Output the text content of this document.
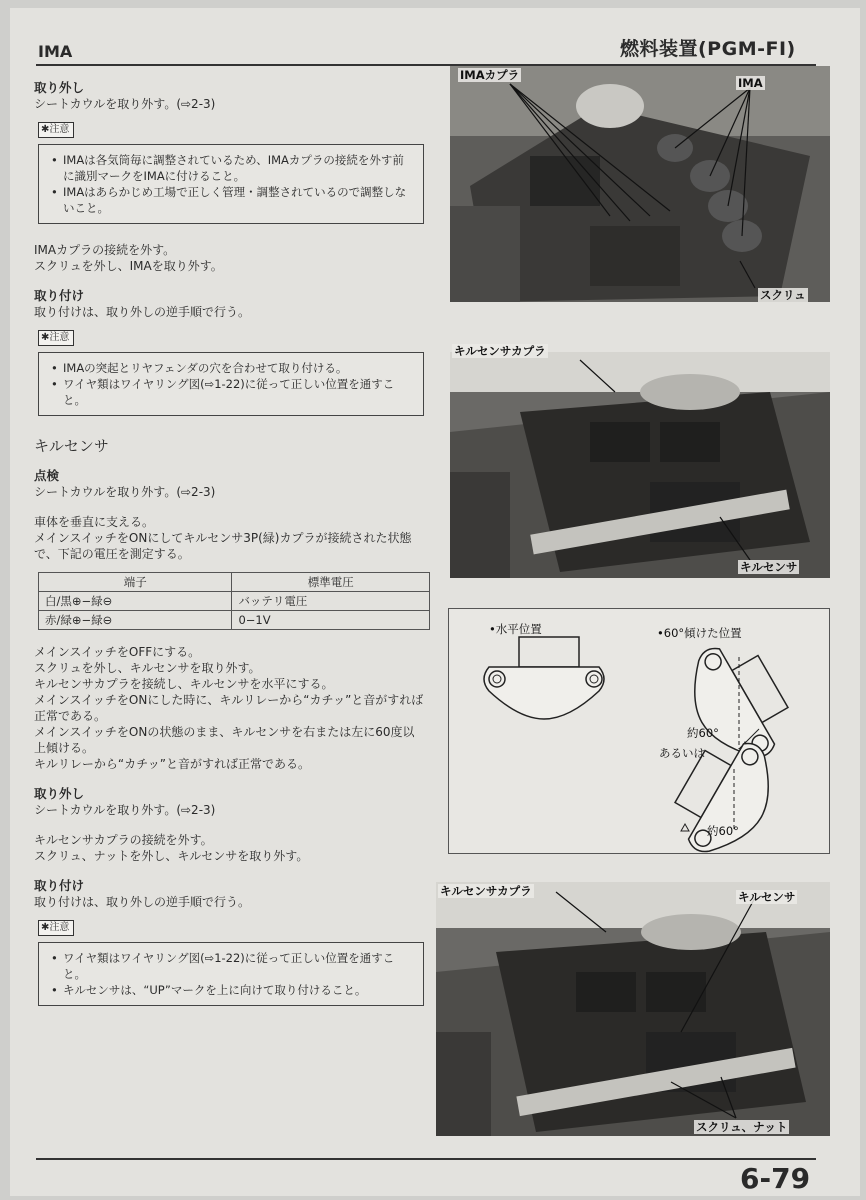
IMA	燃料装置(PGM-FI)
取り外し

シートカウルを取り外す。(⇨2-3)

✱注意
• IMAは各気筒毎に調整されているため、IMAカプラの接続を外す前に識別マークをIMAに付けること。
• IMAはあらかじめ工場で正しく管理・調整されているので調整しないこと。

IMAカプラの接続を外す。

スクリュを外し、IMAを取り外す。

取り付け

取り付けは、取り外しの逆手順で行う。

✱注意
• IMAの突起とリヤフェンダの穴を合わせて取り付ける。
• ワイヤ類はワイヤリング図(⇨1-22)に従って正しい位置を通すこと。
キルセンサ
点検

シートカウルを取り外す。(⇨2-3)

車体を垂直に支える。

メインスイッチをONにしてキルセンサ3P(緑)カプラが接続された状態で、下記の電圧を測定する。

端子	標準電圧
白/黒⊕−緑⊖	バッテリ電圧
赤/緑⊕−緑⊖	0−1V

メインスイッチをOFFにする。

スクリュを外し、キルセンサを取り外す。

キルセンサカプラを接続し、キルセンサを水平にする。

メインスイッチをONにした時に、キルリレーから“カチッ”と音がすれば正常である。

メインスイッチをONの状態のまま、キルセンサを右または左に60度以上傾ける。

キルリレーから“カチッ”と音がすれば正常である。

取り外し

シートカウルを取り外す。(⇨2-3)

キルセンサカプラの接続を外す。

スクリュ、ナットを外し、キルセンサを取り外す。

取り付け

取り付けは、取り外しの逆手順で行う。

✱注意
• ワイヤ類はワイヤリング図(⇨1-22)に従って正しい位置を通すこと。
• キルセンサは、“UP”マークを上に向けて取り付けること。
IMAカプラ
IMA
スクリュ
キルセンサカプラ
キルセンサ
•水平位置	•60°傾けた位置
約60°
あるいは
約60°
キルセンサカプラ	キルセンサ
スクリュ、ナット
6-79
